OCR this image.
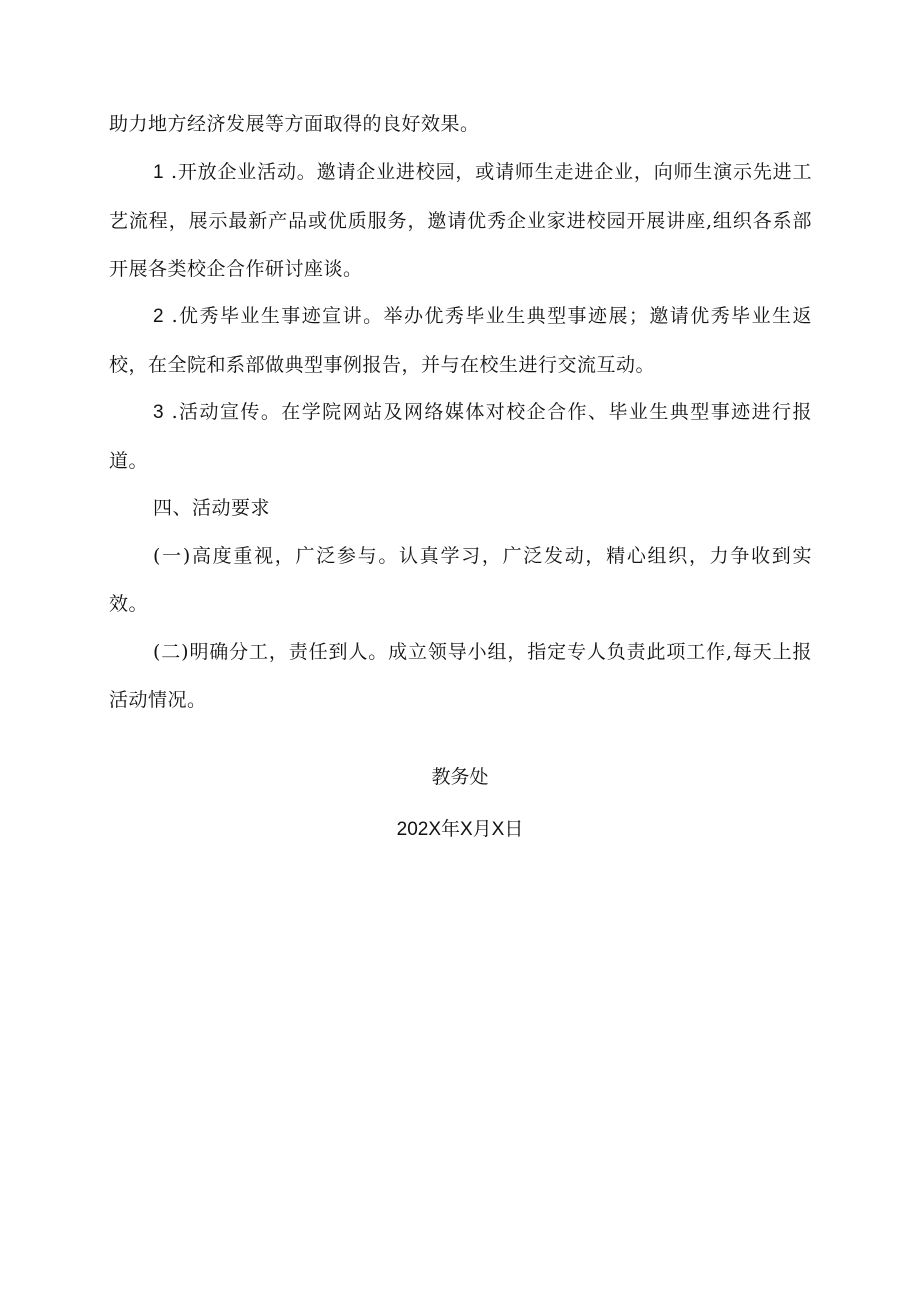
助力地方经济发展等方面取得的良好效果。
1 .开放企业活动。邀请企业进校园，或请师生走进企业，向师生演示先进工艺流程，展示最新产品或优质服务，邀请优秀企业家进校园开展讲座,组织各系部开展各类校企合作研讨座谈。
2 .优秀毕业生事迹宣讲。举办优秀毕业生典型事迹展；邀请优秀毕业生返校，在全院和系部做典型事例报告，并与在校生进行交流互动。
3 .活动宣传。在学院网站及网络媒体对校企合作、毕业生典型事迹进行报道。
四、活动要求
(一)高度重视，广泛参与。认真学习，广泛发动，精心组织，力争收到实效。
(二)明确分工，责任到人。成立领导小组，指定专人负责此项工作,每天上报活动情况。
教务处
202X年X月X日
